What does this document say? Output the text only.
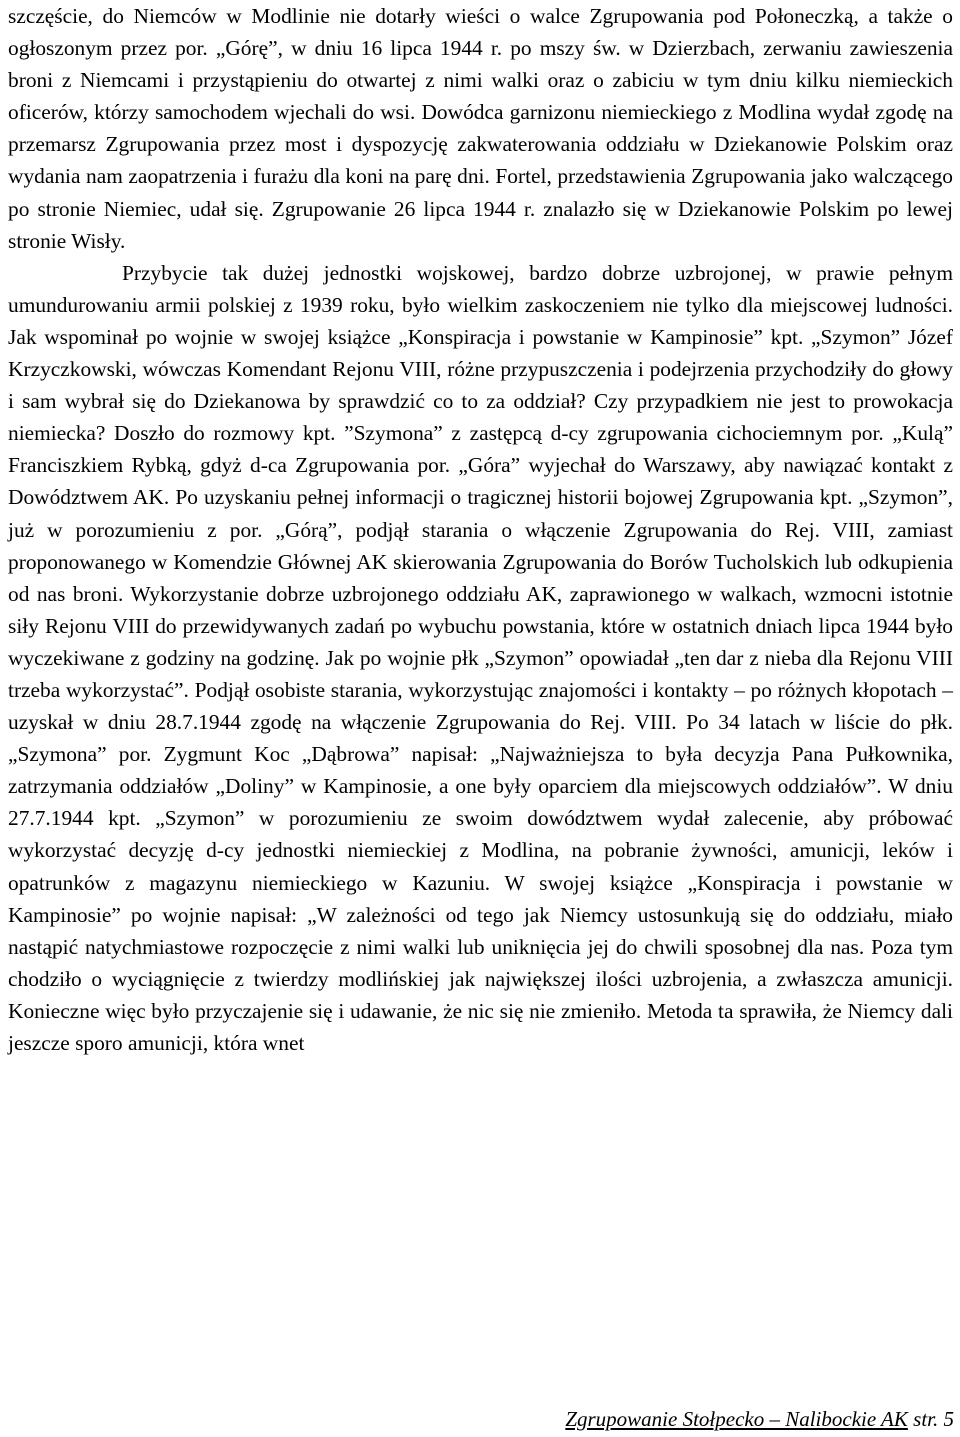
szczęście, do Niemców w Modlinie nie dotarły wieści o walce Zgrupowania pod Połoneczką, a także o ogłoszonym przez por. „Górę”, w dniu 16 lipca 1944 r. po mszy św. w Dzierzbach, zerwaniu zawieszenia broni z Niemcami i przystąpieniu do otwartej z nimi walki oraz o zabiciu w tym dniu kilku niemieckich oficerów, którzy samochodem wjechali do wsi. Dowódca garnizonu niemieckiego z Modlina wydał zgodę na przemarsz Zgrupowania przez most i dyspozycję zakwaterowania oddziału w Dziekanowie Polskim oraz wydania nam zaopatrzenia i furażu dla koni na parę dni. Fortel, przedstawienia Zgrupowania jako walczącego po stronie Niemiec, udał się. Zgrupowanie 26 lipca 1944 r. znalazło się w Dziekanowie Polskim po lewej stronie Wisły.

Przybycie tak dużej jednostki wojskowej, bardzo dobrze uzbrojonej, w prawie pełnym umundurowaniu armii polskiej z 1939 roku, było wielkim zaskoczeniem nie tylko dla miejscowej ludności. Jak wspominał po wojnie w swojej książce „Konspiracja i powstanie w Kampinosie” kpt. „Szymon” Józef Krzyczkowski, wówczas Komendant Rejonu VIII, różne przypuszczenia i podejrzenia przychodziły do głowy i sam wybrał się do Dziekanowa by sprawdzić co to za oddział? Czy przypadkiem nie jest to prowokacja niemiecka? Doszło do rozmowy kpt. ”Szymona” z zastępcą d-cy zgrupowania cichociemnym por. „Kulą” Franciszkiem Rybką, gdyż d-ca Zgrupowania por. „Góra” wyjechał do Warszawy, aby nawiązać kontakt z Dowództwem AK. Po uzyskaniu pełnej informacji o tragicznej historii bojowej Zgrupowania kpt. „Szymon”, już w porozumieniu z por. „Górą”, podjął starania o włączenie Zgrupowania do Rej. VIII, zamiast proponowanego w Komendzie Głównej AK skierowania Zgrupowania do Borów Tucholskich lub odkupienia od nas broni. Wykorzystanie dobrze uzbrojonego oddziału AK, zaprawionego w walkach, wzmocni istotnie siły Rejonu VIII do przewidywanych zadań po wybuchu powstania, które w ostatnich dniach lipca 1944 było wyczekiwane z godziny na godzinę. Jak po wojnie płk „Szymon” opowiadał „ten dar z nieba dla Rejonu VIII trzeba wykorzystać”. Podjął osobiste starania, wykorzystując znajomości i kontakty – po różnych kłopotach – uzyskał w dniu 28.7.1944 zgodę na włączenie Zgrupowania do Rej. VIII. Po 34 latach w liście do płk. „Szymona” por. Zygmunt Koc „Dąbrowa” napisał: „Najważniejsza to była decyzja Pana Pułkownika, zatrzymania oddziałów „Doliny” w Kampinosie, a one były oparciem dla miejscowych oddziałów”. W dniu 27.7.1944 kpt. „Szymon” w porozumieniu ze swoim dowództwem wydał zalecenie, aby próbować wykorzystać decyzję d-cy jednostki niemieckiej z Modlina, na pobranie żywności, amunicji, leków i opatrunków z magazynu niemieckiego w Kazuniu. W swojej książce „Konspiracja i powstanie w Kampinosie” po wojnie napisał: „W zależności od tego jak Niemcy ustosunkują się do oddziału, miało nastąpić natychmiastowe rozpoczęcie z nimi walki lub uniknięcia jej do chwili sposobnej dla nas. Poza tym chodziło o wyciągnięcie z twierdzy modlińskiej jak największej ilości uzbrojenia, a zwłaszcza amunicji. Konieczne więc było przyczajenie się i udawanie, że nic się nie zmieniło. Metoda ta sprawiła, że Niemcy dali jeszcze sporo amunicji, która wnet

Zgrupowanie Stołpecko – Nalibockie AK str. 5
